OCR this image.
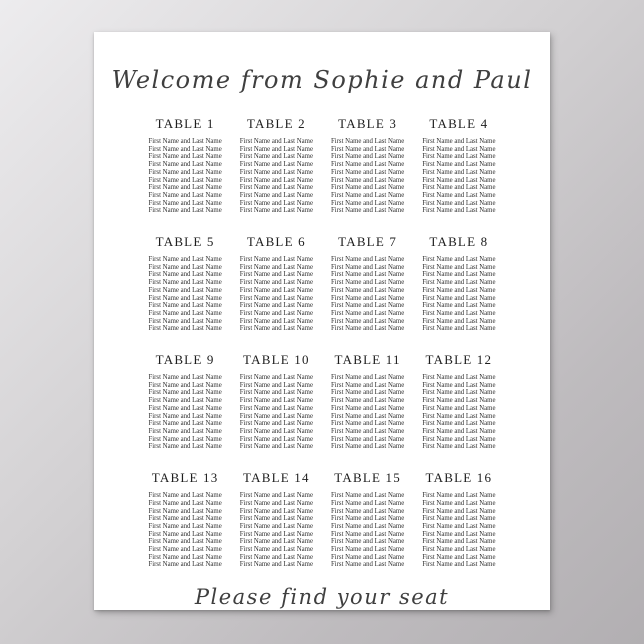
Welcome from Sophie and Paul
TABLE 1
First Name and Last Name
First Name and Last Name
First Name and Last Name
First Name and Last Name
First Name and Last Name
First Name and Last Name
First Name and Last Name
First Name and Last Name
First Name and Last Name
First Name and Last Name
TABLE 2
First Name and Last Name
First Name and Last Name
First Name and Last Name
First Name and Last Name
First Name and Last Name
First Name and Last Name
First Name and Last Name
First Name and Last Name
First Name and Last Name
First Name and Last Name
TABLE 3
First Name and Last Name
First Name and Last Name
First Name and Last Name
First Name and Last Name
First Name and Last Name
First Name and Last Name
First Name and Last Name
First Name and Last Name
First Name and Last Name
First Name and Last Name
TABLE 4
First Name and Last Name
First Name and Last Name
First Name and Last Name
First Name and Last Name
First Name and Last Name
First Name and Last Name
First Name and Last Name
First Name and Last Name
First Name and Last Name
First Name and Last Name
TABLE 5
First Name and Last Name
First Name and Last Name
First Name and Last Name
First Name and Last Name
First Name and Last Name
First Name and Last Name
First Name and Last Name
First Name and Last Name
First Name and Last Name
First Name and Last Name
TABLE 6
First Name and Last Name
First Name and Last Name
First Name and Last Name
First Name and Last Name
First Name and Last Name
First Name and Last Name
First Name and Last Name
First Name and Last Name
First Name and Last Name
First Name and Last Name
TABLE 7
First Name and Last Name
First Name and Last Name
First Name and Last Name
First Name and Last Name
First Name and Last Name
First Name and Last Name
First Name and Last Name
First Name and Last Name
First Name and Last Name
First Name and Last Name
TABLE 8
First Name and Last Name
First Name and Last Name
First Name and Last Name
First Name and Last Name
First Name and Last Name
First Name and Last Name
First Name and Last Name
First Name and Last Name
First Name and Last Name
First Name and Last Name
TABLE 9
First Name and Last Name
First Name and Last Name
First Name and Last Name
First Name and Last Name
First Name and Last Name
First Name and Last Name
First Name and Last Name
First Name and Last Name
First Name and Last Name
First Name and Last Name
TABLE 10
First Name and Last Name
First Name and Last Name
First Name and Last Name
First Name and Last Name
First Name and Last Name
First Name and Last Name
First Name and Last Name
First Name and Last Name
First Name and Last Name
First Name and Last Name
TABLE 11
First Name and Last Name
First Name and Last Name
First Name and Last Name
First Name and Last Name
First Name and Last Name
First Name and Last Name
First Name and Last Name
First Name and Last Name
First Name and Last Name
First Name and Last Name
TABLE 12
First Name and Last Name
First Name and Last Name
First Name and Last Name
First Name and Last Name
First Name and Last Name
First Name and Last Name
First Name and Last Name
First Name and Last Name
First Name and Last Name
First Name and Last Name
TABLE 13
First Name and Last Name
First Name and Last Name
First Name and Last Name
First Name and Last Name
First Name and Last Name
First Name and Last Name
First Name and Last Name
First Name and Last Name
First Name and Last Name
First Name and Last Name
TABLE 14
First Name and Last Name
First Name and Last Name
First Name and Last Name
First Name and Last Name
First Name and Last Name
First Name and Last Name
First Name and Last Name
First Name and Last Name
First Name and Last Name
First Name and Last Name
TABLE 15
First Name and Last Name
First Name and Last Name
First Name and Last Name
First Name and Last Name
First Name and Last Name
First Name and Last Name
First Name and Last Name
First Name and Last Name
First Name and Last Name
First Name and Last Name
TABLE 16
First Name and Last Name
First Name and Last Name
First Name and Last Name
First Name and Last Name
First Name and Last Name
First Name and Last Name
First Name and Last Name
First Name and Last Name
First Name and Last Name
First Name and Last Name
Please find your seat
